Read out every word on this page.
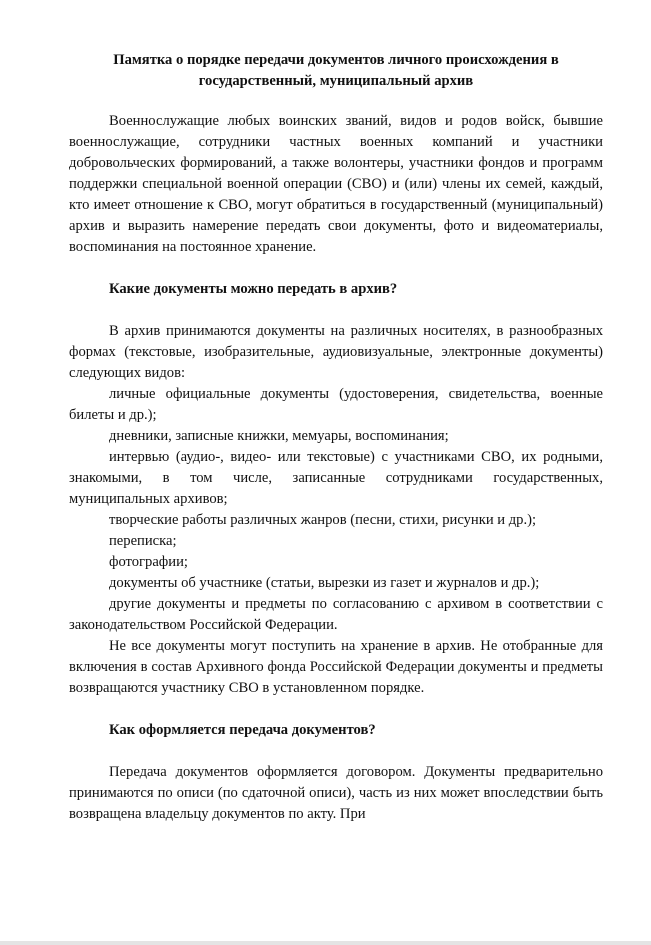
Памятка о порядке передачи документов личного происхождения в
государственный, муниципальный архив

Военнослужащие любых воинских званий, видов и родов войск, бывшие военнослужащие, сотрудники частных военных компаний и участники добровольческих формирований, а также волонтеры, участники фондов и программ поддержки специальной военной операции (СВО) и (или) члены их семей, каждый, кто имеет отношение к СВО, могут обратиться в государственный (муниципальный) архив и выразить намерение передать свои документы, фото и видеоматериалы, воспоминания на постоянное хранение.

Какие документы можно передать в архив?

В архив принимаются документы на различных носителях, в разнообразных формах (текстовые, изобразительные, аудиовизуальные, электронные документы) следующих видов:

личные официальные документы (удостоверения, свидетельства, военные билеты и др.);

дневники, записные книжки, мемуары, воспоминания;

интервью (аудио-, видео- или текстовые) с участниками СВО, их родными, знакомыми, в том числе, записанные сотрудниками государственных, муниципальных архивов;

творческие работы различных жанров (песни, стихи, рисунки и др.);

переписка;

фотографии;

документы об участнике (статьи, вырезки из газет и журналов и др.);

другие документы и предметы по согласованию с архивом в соответствии с законодательством Российской Федерации.

Не все документы могут поступить на хранение в архив. Не отобранные для включения в состав Архивного фонда Российской Федерации документы и предметы возвращаются участнику СВО в установленном порядке.

Как оформляется передача документов?

Передача документов оформляется договором. Документы предварительно принимаются по описи (по сдаточной описи), часть из них может впоследствии быть возвращена владельцу документов по акту. При
